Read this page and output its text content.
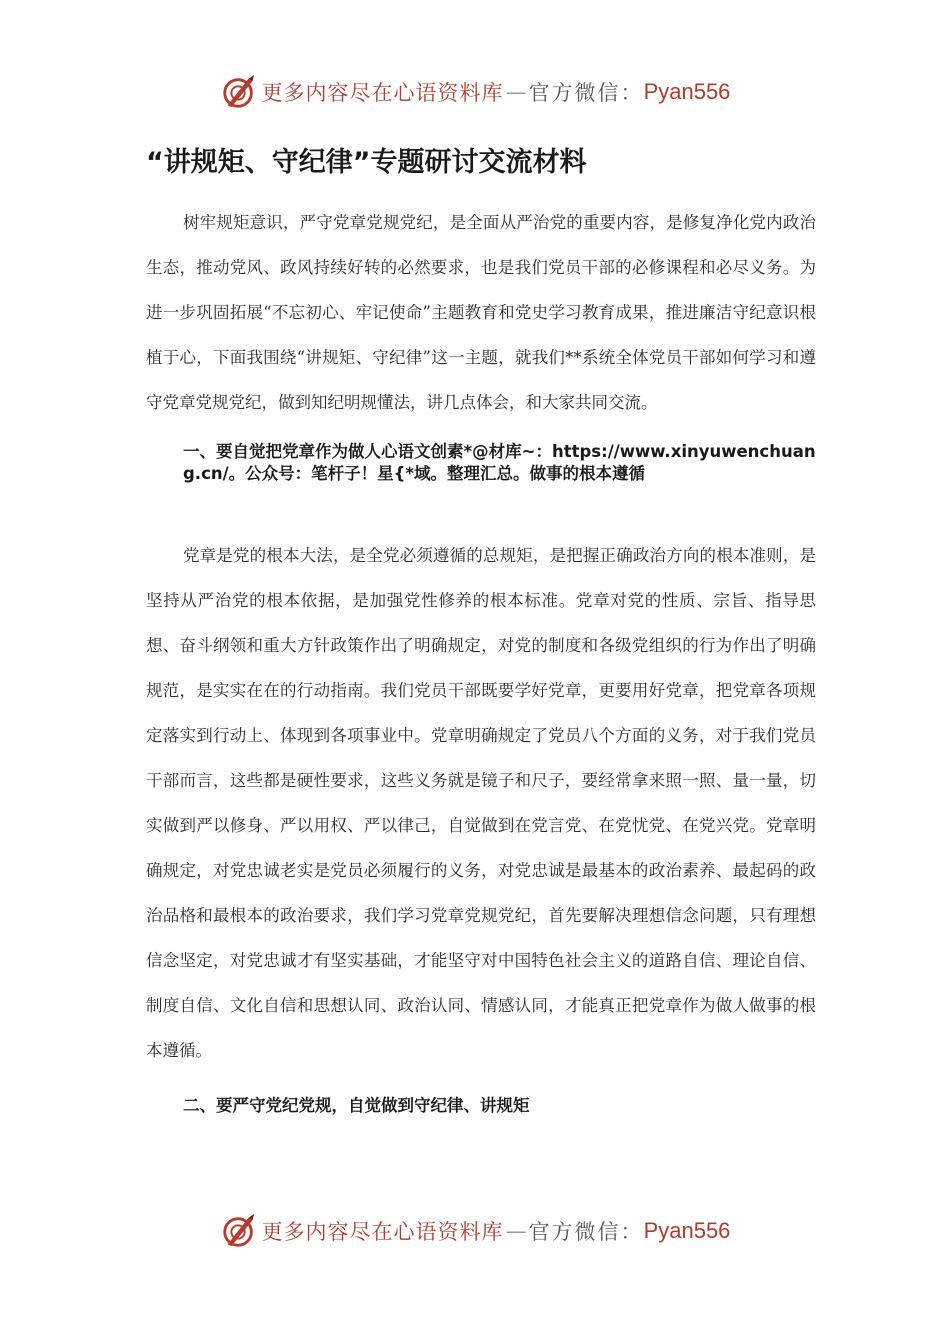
更多内容尽在心语资料库 — 官方微信： Pyan556
“讲规矩、守纪律”专题研讨交流材料

树牢规矩意识，严守党章党规党纪，是全面从严治党的重要内容，是修复净化党内政治生态，推动党风、政风持续好转的必然要求，也是我们党员干部的必修课程和必尽义务。为进一步巩固拓展“不忘初心、牢记使命”主题教育和党史学习教育成果，推进廉洁守纪意识根植于心，下面我围绕“讲规矩、守纪律”这一主题，就我们**系统全体党员干部如何学习和遵守党章党规党纪，做到知纪明规懂法，讲几点体会，和大家共同交流。

一、要自觉把党章作为做人心语文创素*@材库~：https://www.xinyuwenchuang.cn/。公众号：笔杆子！星{*域。整理汇总。做事的根本遵循

党章是党的根本大法，是全党必须遵循的总规矩，是把握正确政治方向的根本准则，是坚持从严治党的根本依据，是加强党性修养的根本标准。党章对党的性质、宗旨、指导思想、奋斗纲领和重大方针政策作出了明确规定，对党的制度和各级党组织的行为作出了明确规范，是实实在在的行动指南。我们党员干部既要学好党章，更要用好党章，把党章各项规定落实到行动上、体现到各项事业中。党章明确规定了党员八个方面的义务，对于我们党员干部而言，这些都是硬性要求，这些义务就是镜子和尺子，要经常拿来照一照、量一量，切实做到严以修身、严以用权、严以律己，自觉做到在党言党、在党忧党、在党兴党。党章明确规定，对党忠诚老实是党员必须履行的义务，对党忠诚是最基本的政治素养、最起码的政治品格和最根本的政治要求，我们学习党章党规党纪，首先要解决理想信念问题，只有理想信念坚定，对党忠诚才有坚实基础，才能坚守对中国特色社会主义的道路自信、理论自信、制度自信、文化自信和思想认同、政治认同、情感认同，才能真正把党章作为做人做事的根本遵循。

二、要严守党纪党规，自觉做到守纪律、讲规矩
更多内容尽在心语资料库 — 官方微信： Pyan556
